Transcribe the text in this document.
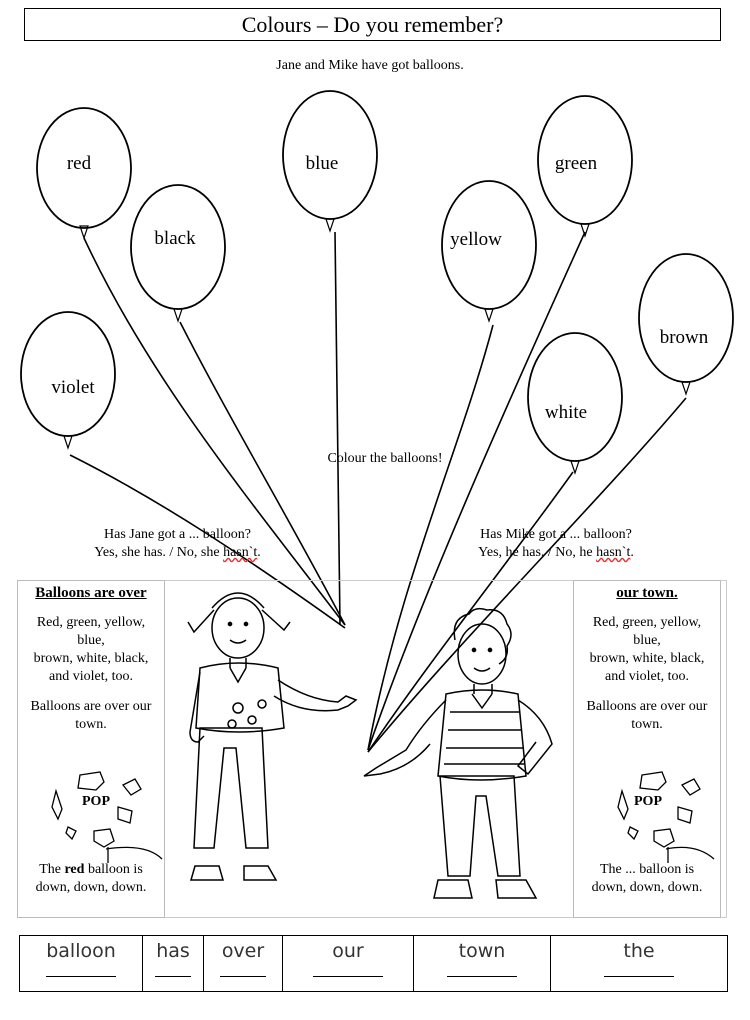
Colours – Do you remember?
Jane and Mike have got balloons.
red
black
violet
blue
yellow
green
white
brown
Colour the balloons!
Has Jane got a ... balloon?
Yes, she has. / No, she hasn`t.
Has Mike got a ... balloon?
Yes, he has. / No, he hasn`t.
Balloons are over

Red, green, yellow,
blue,
brown, white, black,
and violet, too.

Balloons are over our
town.

POP
The red balloon is
down, down, down.
our town.

Red, green, yellow,
blue,
brown, white, black,
and violet, too.

Balloons are over our
town.

POP
The ... balloon is
down, down, down.
balloon	has	over	our	town	the
